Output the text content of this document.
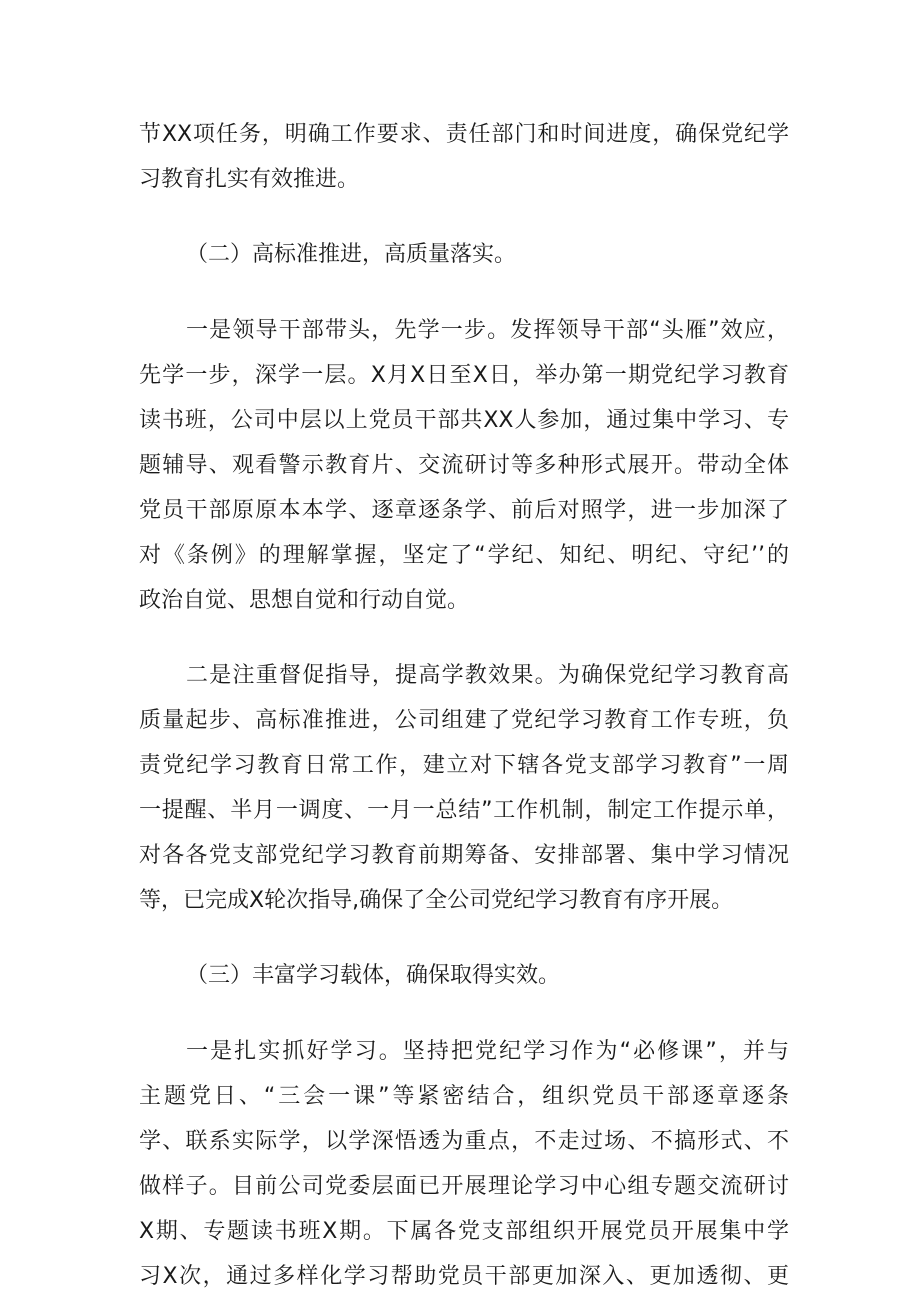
节XX项任务，明确工作要求、责任部门和时间进度，确保党纪学
习教育扎实有效推进。
（二）高标准推进，高质量落实。
一是领导干部带头，先学一步。发挥领导干部“头雁”效应，
先学一步，深学一层。X月X日至X日，举办第一期党纪学习教育
读书班，公司中层以上党员干部共XX人参加，通过集中学习、专
题辅导、观看警示教育片、交流研讨等多种形式展开。带动全体
党员干部原原本本学、逐章逐条学、前后对照学，进一步加深了
对《条例》的理解掌握，坚定了“学纪、知纪、明纪、守纪’’的
政治自觉、思想自觉和行动自觉。
二是注重督促指导，提高学教效果。为确保党纪学习教育高
质量起步、高标准推进，公司组建了党纪学习教育工作专班，负
责党纪学习教育日常工作，建立对下辖各党支部学习教育”一周
一提醒、半月一调度、一月一总结”工作机制，制定工作提示单，
对各各党支部党纪学习教育前期筹备、安排部署、集中学习情况
等，已完成X轮次指导,确保了全公司党纪学习教育有序开展。
（三）丰富学习载体，确保取得实效。
一是扎实抓好学习。坚持把党纪学习作为“必修课”，并与
主题党日、“三会一课”等紧密结合，组织党员干部逐章逐条
学、联系实际学，以学深悟透为重点，不走过场、不搞形式、不
做样子。目前公司党委层面已开展理论学习中心组专题交流研讨
X期、专题读书班X期。下属各党支部组织开展党员开展集中学
习X次，通过多样化学习帮助党员干部更加深入、更加透彻、更
